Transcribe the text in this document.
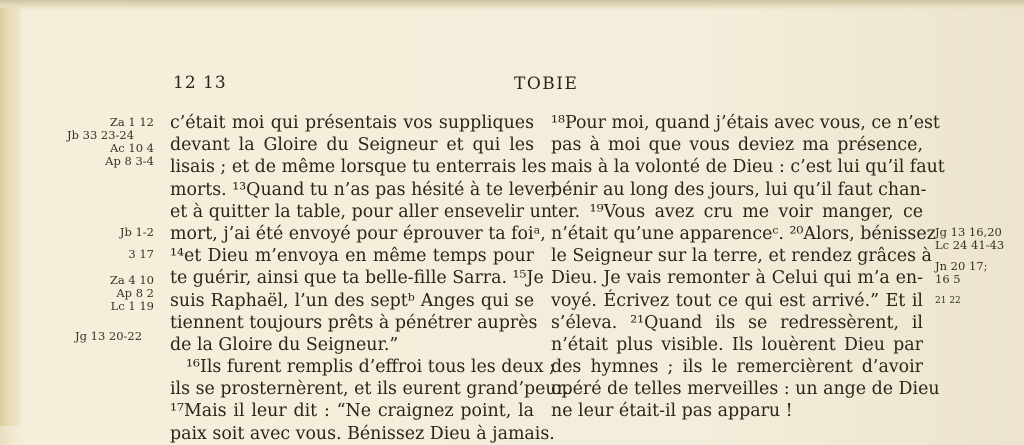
12 13	TOBIE
Za 1 12
Jb 33 23-24
Ac 10 4
Ap 8 3-4
Jb 1-2
3 17
Za 4 10
Ap 8 2
Lc 1 19
Jg 13 20-22
Jg 13 16,20
Lc 24 41-43
Jn 20 17;
16 5
21 22
c’était moi qui présentais vos suppliques
devant la Gloire du Seigneur et qui les
lisais ; et de même lorsque tu enterrais les
morts. ¹³Quand tu n’as pas hésité à te lever,
et à quitter la table, pour aller ensevelir un
mort, j’ai été envoyé pour éprouver ta foiᵃ,
¹⁴et Dieu m’envoya en même temps pour
te guérir, ainsi que ta belle-fille Sarra. ¹⁵Je
suis Raphaël, l’un des septᵇ Anges qui se
tiennent toujours prêts à pénétrer auprès
de la Gloire du Seigneur.”
¹⁶Ils furent remplis d’effroi tous les deux ;
ils se prosternèrent, et ils eurent grand’peur.
¹⁷Mais il leur dit : “Ne craignez point, la
paix soit avec vous. Bénissez Dieu à jamais.
¹⁸Pour moi, quand j’étais avec vous, ce n’est
pas à moi que vous deviez ma présence,
mais à la volonté de Dieu : c’est lui qu’il faut
bénir au long des jours, lui qu’il faut chan-
ter. ¹⁹Vous avez cru me voir manger, ce
n’était qu’une apparenceᶜ. ²⁰Alors, bénissez
le Seigneur sur la terre, et rendez grâces à
Dieu. Je vais remonter à Celui qui m’a en-
voyé. Écrivez tout ce qui est arrivé.” Et il
s’éleva. ²¹Quand ils se redressèrent, il
n’était plus visible. Ils louèrent Dieu par
des hymnes ; ils le remercièrent d’avoir
opéré de telles merveilles : un ange de Dieu
ne leur était-il pas apparu !
